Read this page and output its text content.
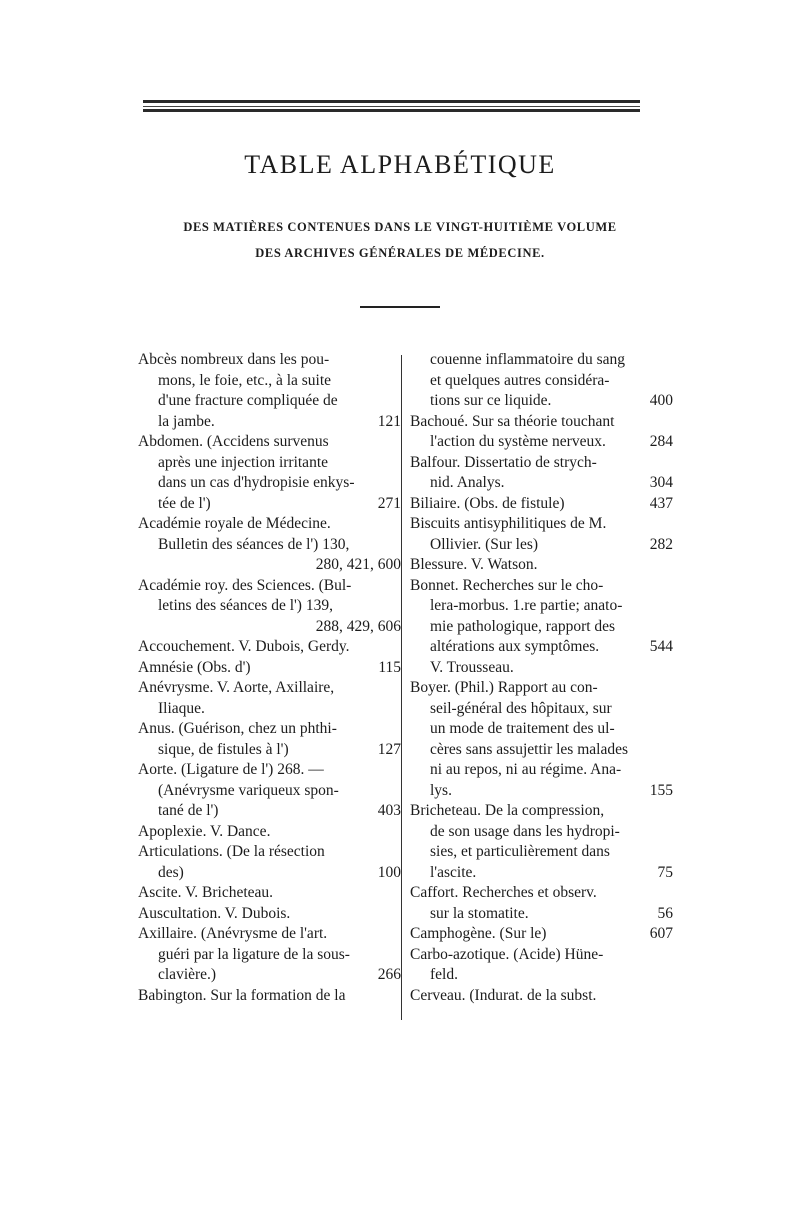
TABLE ALPHABÉTIQUE
DES MATIÈRES CONTENUES DANS LE VINGT-HUITIÈME VOLUME
DES ARCHIVES GÉNÉRALES DE MÉDECINE.
Abcès nombreux dans les pou-
mons, le foie, etc., à la suite
d'une fracture compliquée de
la jambe.	121
Abdomen. (Accidens survenus
après une injection irritante
dans un cas d'hydropisie enkys-
tée de l')	271
Académie royale de Médecine.
Bulletin des séances de l') 130,
280, 421, 600
Académie roy. des Sciences. (Bul-
letins des séances de l') 139,
288, 429, 606
Accouchement. V. Dubois, Gerdy.
Amnésie (Obs. d')	115
Anévrysme. V. Aorte, Axillaire,
Iliaque.
Anus. (Guérison, chez un phthi-
sique, de fistules à l')	127
Aorte. (Ligature de l') 268. —
(Anévrysme variqueux spon-
tané de l')	403
Apoplexie. V. Dance.
Articulations. (De la résection
des)	100
Ascite. V. Bricheteau.
Auscultation. V. Dubois.
Axillaire. (Anévrysme de l'art.
guéri par la ligature de la sous-
clavière.)	266
Babington. Sur la formation de la
couenne inflammatoire du sang
et quelques autres considéra-
tions sur ce liquide.	400
Bachoué. Sur sa théorie touchant
l'action du système nerveux.	284
Balfour. Dissertatio de strych-
nid. Analys.	304
Biliaire. (Obs. de fistule)	437
Biscuits antisyphilitiques de M.
Ollivier. (Sur les)	282
Blessure. V. Watson.
Bonnet. Recherches sur le cho-
lera-morbus. 1.re partie; anato-
mie pathologique, rapport des
altérations aux symptômes.	544
V. Trousseau.
Boyer. (Phil.) Rapport au con-
seil-général des hôpitaux, sur
un mode de traitement des ul-
cères sans assujettir les malades
ni au repos, ni au régime. Ana-
lys.	155
Bricheteau. De la compression,
de son usage dans les hydropi-
sies, et particulièrement dans
l'ascite.	75
Caffort. Recherches et observ.
sur la stomatite.	56
Camphogène. (Sur le)	607
Carbo-azotique. (Acide) Hüne-
feld.
Cerveau. (Indurat. de la subst.
